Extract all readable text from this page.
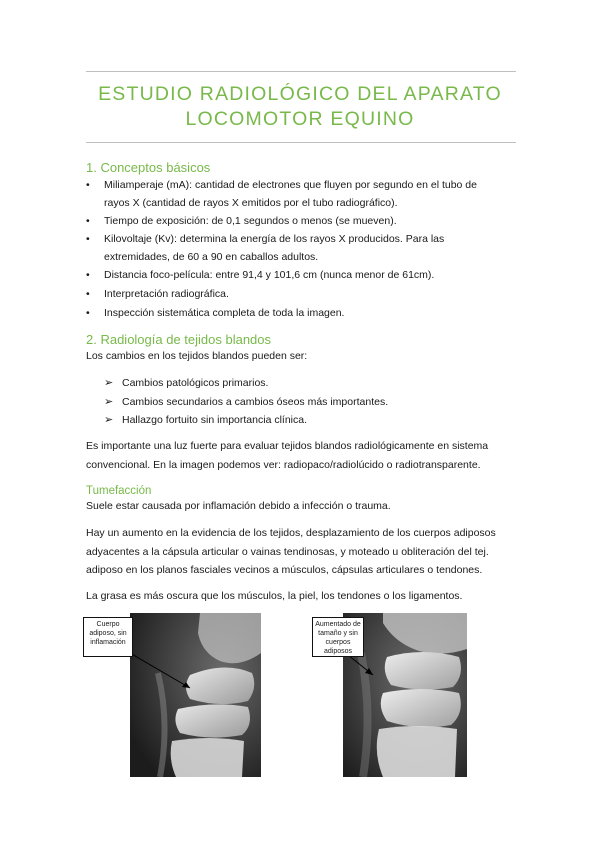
ESTUDIO RADIOLÓGICO DEL APARATO
LOCOMOTOR EQUINO
1. Conceptos básicos
•	Miliamperaje (mA): cantidad de electrones que fluyen por segundo en el tubo de
rayos X (cantidad de rayos X emitidos por el tubo radiográfico).
•	Tiempo de exposición: de 0,1 segundos o menos (se mueven).
•	Kilovoltaje (Kv): determina la energía de los rayos X producidos. Para las
extremidades, de 60 a 90 en caballos adultos.
•	Distancia foco-película: entre 91,4 y 101,6 cm (nunca menor de 61cm).
•	Interpretación radiográfica.
•	Inspección sistemática completa de toda la imagen.
2. Radiología de tejidos blandos
Los cambios en los tejidos blandos pueden ser:
➢ Cambios patológicos primarios.
➢ Cambios secundarios a cambios óseos más importantes.
➢ Hallazgo fortuito sin importancia clínica.
Es importante una luz fuerte para evaluar tejidos blandos radiológicamente en sistema
convencional. En la imagen podemos ver: radiopaco/radiolúcido o radiotransparente.
Tumefacción
Suele estar causada por inflamación debido a infección o trauma.
Hay un aumento en la evidencia de los tejidos, desplazamiento de los cuerpos adiposos
adyacentes a la cápsula articular o vainas tendinosas, y moteado u obliteración del tej.
adiposo en los planos fasciales vecinos a músculos, cápsulas articulares o tendones.
La grasa es más oscura que los músculos, la piel, los tendones o los ligamentos.
Cuerpo
adiposo, sin
inflamación
Aumentado de
tamaño y sin
cuerpos adiposos
